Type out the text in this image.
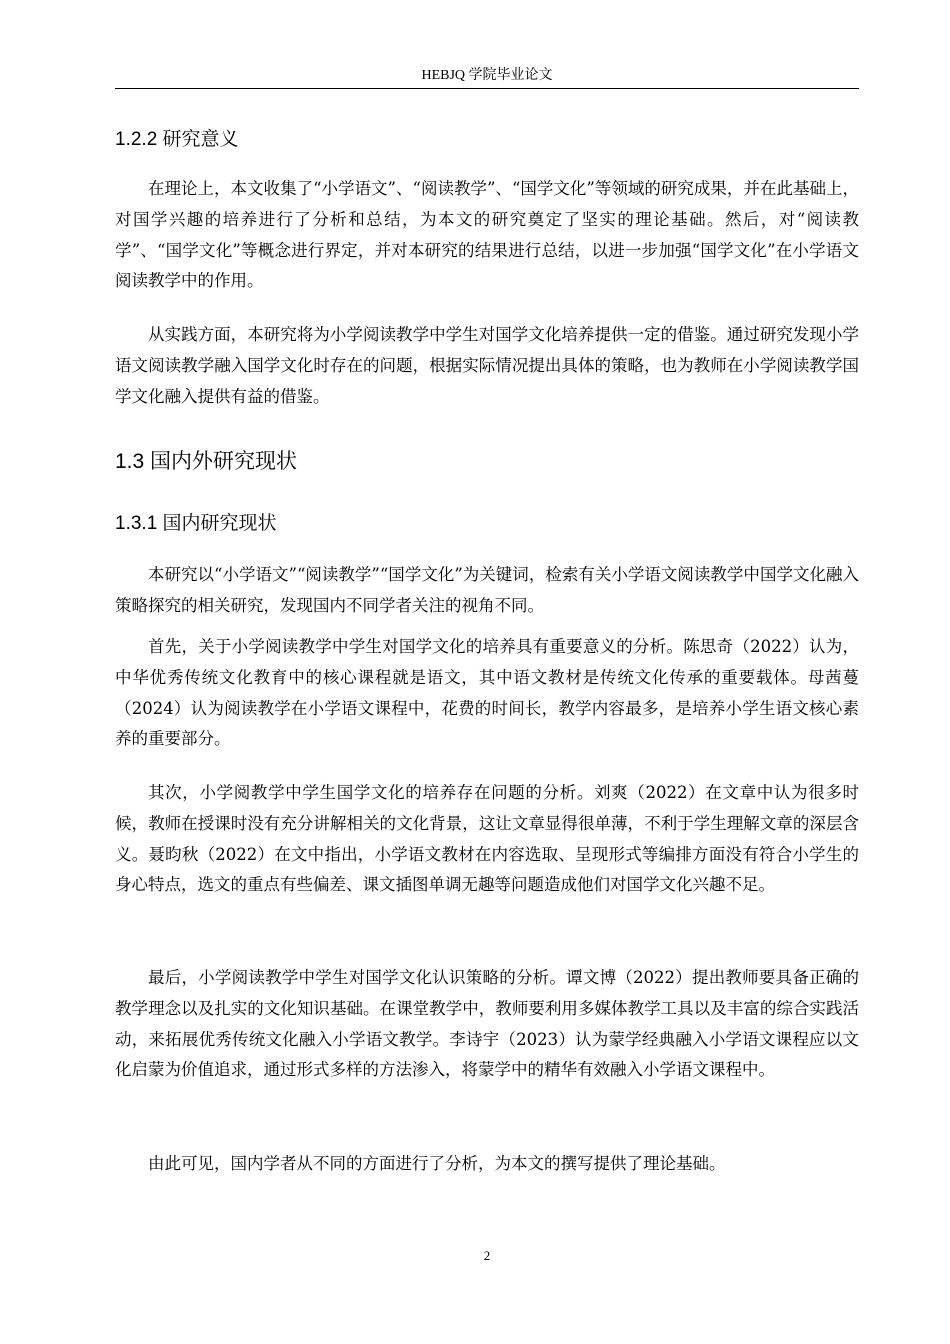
HEBJQ 学院毕业论文
1.2.2 研究意义

在理论上，本文收集了“小学语文”、“阅读教学”、“国学文化”等领域的研究成果，并在此基础上，对国学兴趣的培养进行了分析和总结，为本文的研究奠定了坚实的理论基础。然后，对“阅读教学”、“国学文化”等概念进行界定，并对本研究的结果进行总结，以进一步加强“国学文化”在小学语文阅读教学中的作用。

从实践方面，本研究将为小学阅读教学中学生对国学文化培养提供一定的借鉴。通过研究发现小学语文阅读教学融入国学文化时存在的问题，根据实际情况提出具体的策略，也为教师在小学阅读教学国学文化融入提供有益的借鉴。

1.3 国内外研究现状
1.3.1 国内研究现状

本研究以“小学语文”“阅读教学”“国学文化”为关键词，检索有关小学语文阅读教学中国学文化融入策略探究的相关研究，发现国内不同学者关注的视角不同。

首先，关于小学阅读教学中学生对国学文化的培养具有重要意义的分析。陈思奇（2022）认为，中华优秀传统文化教育中的核心课程就是语文，其中语文教材是传统文化传承的重要载体。母茜蔓（2024）认为阅读教学在小学语文课程中，花费的时间长，教学内容最多，是培养小学生语文核心素养的重要部分。

其次，小学阅教学中学生国学文化的培养存在问题的分析。刘爽（2022）在文章中认为很多时候，教师在授课时没有充分讲解相关的文化背景，这让文章显得很单薄，不利于学生理解文章的深层含义。聂昀秋（2022）在文中指出，小学语文教材在内容选取、呈现形式等编排方面没有符合小学生的身心特点，选文的重点有些偏差、课文插图单调无趣等问题造成他们对国学文化兴趣不足。

最后，小学阅读教学中学生对国学文化认识策略的分析。谭文博（2022）提出教师要具备正确的教学理念以及扎实的文化知识基础。在课堂教学中，教师要利用多媒体教学工具以及丰富的综合实践活动，来拓展优秀传统文化融入小学语文教学。李诗宇（2023）认为蒙学经典融入小学语文课程应以文化启蒙为价值追求，通过形式多样的方法渗入，将蒙学中的精华有效融入小学语文课程中。

由此可见，国内学者从不同的方面进行了分析，为本文的撰写提供了理论基础。

2
